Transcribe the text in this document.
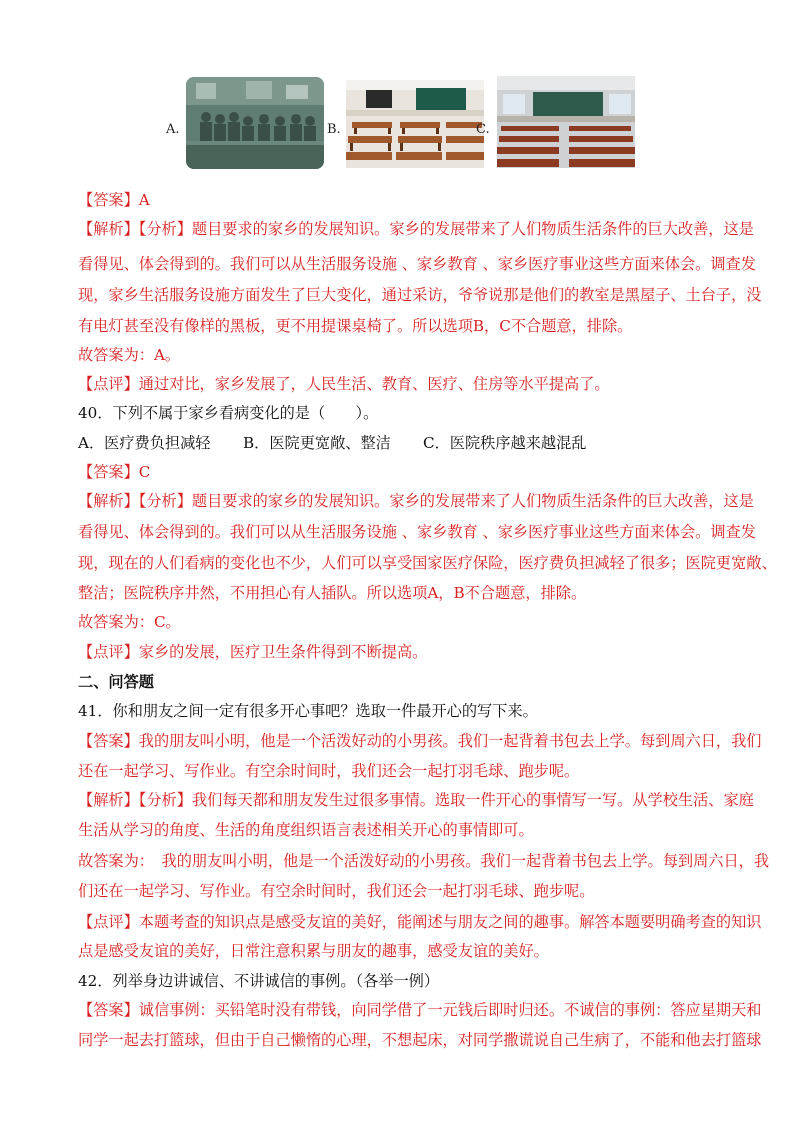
A.	B.	C.
【 答案 】 A
【 解析 】 【 分析 】 题目要求的家乡的发展知识。家乡的发展带来了人们物质生活条件的巨大改善，这是
看得见、体会得到的。我们可以从生活服务设施 、家乡教育 、家乡医疗事业这些方面来体会。调查发
现，家乡生活服务设施方面发生了巨大变化，通过采访，爷爷说那是他们的教室是黑屋子、土台子，没
有电灯甚至没有像样的黑板，更不用提课桌椅了。所以选项B，C不合题意，排除。
故答案为：A。
【 点评 】 通过对比，家乡发展了，人民生活、教育、医疗、住房等水平提高了。
40．下列不属于家乡看病变化的是（　　）。
A．医疗费负担减轻 B．医院更宽敞、整洁 C．医院秩序越来越混乱
【 答案 】 C
【 解析 】 【 分析 】 题目要求的家乡的发展知识。家乡的发展带来了人们物质生活条件的巨大改善，这是
看得见、体会得到的。我们可以从生活服务设施 、家乡教育 、家乡医疗事业这些方面来体会。调查发
现，现在的人们看病的变化也不少，人们可以享受国家医疗保险，医疗费负担减轻了很多；医院更宽敞、
整洁；医院秩序井然，不用担心有人插队。所以选项A，B不合题意，排除。
故答案为：C。
【 点评 】 家乡的发展，医疗卫生条件得到不断提高。
二、问答题
41．你和朋友之间一定有很多开心事吧？选取一件最开心的写下来。
【 答案 】 我的朋友叫小明，他是一个活泼好动的小男孩。我们一起背着书包去上学。每到周六日，我们
还在一起学习、写作业。有空余时间时，我们还会一起打羽毛球、跑步呢。
【 解析 】 【 分析 】 我们每天都和朋友发生过很多事情。选取一件开心的事情写一写。从学校生活、家庭
生活从学习的角度、生活的角度组织语言表述相关开心的事情即可。
故答案为：　我的朋友叫小明，他是一个活泼好动的小男孩。我们一起背着书包去上学。每到周六日，我
们还在一起学习、写作业。有空余时间时，我们还会一起打羽毛球、跑步呢。
【 点评 】 本题考查的知识点是感受友谊的美好，能阐述与朋友之间的趣事。解答本题要明确考查的知识
点是感受友谊的美好，日常注意积累与朋友的趣事，感受友谊的美好。
42．列举身边讲诚信、不讲诚信的事例。（各举一例）
【 答案 】 诚信事例：买铅笔时没有带钱，向同学借了一元钱后即时归还。不诚信的事例：答应星期天和
同学一起去打篮球，但由于自己懒惰的心理，不想起床，对同学撒谎说自己生病了，不能和他去打篮球
